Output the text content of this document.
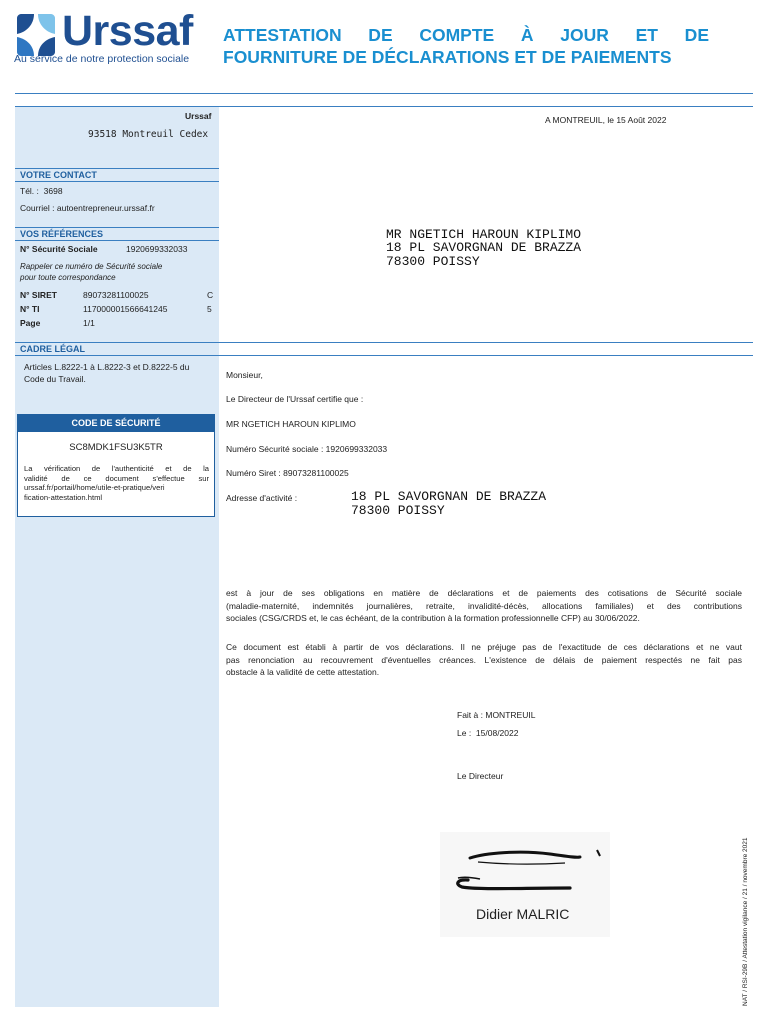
Urssaf
Au service de notre protection sociale
ATTESTATION DE COMPTE À JOUR ET DE
FOURNITURE DE DÉCLARATIONS ET DE PAIEMENTS
Urssaf
93518 Montreuil Cedex
A MONTREUIL, le 15 Août 2022
VOTRE CONTACT
Tél. : 3698
Courriel : autoentrepreneur.urssaf.fr
VOS RÉFÉRENCES
N° Sécurité Sociale	1920699332033
Rappeler ce numéro de Sécurité sociale
pour toute correspondance
N° SIRET	89073281100025	C
N° TI	117000001566641245	5
Page	1/1
MR NGETICH HAROUN KIPLIMO
18 PL SAVORGNAN DE BRAZZA
78300 POISSY
CADRE LÉGAL
Articles L.8222-1 à L.8222-3 et D.8222-5 du
Code du Travail.
CODE DE SÉCURITÉ
SC8MDK1FSU3K5TR
La vérification de l'authenticité et de la
validité de ce document s'effectue sur
urssaf.fr/portail/home/utile-et-pratique/veri
fication-attestation.html
Monsieur,
Le Directeur de l'Urssaf certifie que :
MR NGETICH HAROUN KIPLIMO
Numéro Sécurité sociale : 1920699332033
Numéro Siret : 89073281100025
Adresse d'activité :	18 PL SAVORGNAN DE BRAZZA
78300 POISSY
est à jour de ses obligations en matière de déclarations et de paiements des cotisations de Sécurité sociale
(maladie-maternité, indemnités journalières, retraite, invalidité-décès, allocations familiales) et des contributions
sociales (CSG/CRDS et, le cas échéant, de la contribution à la formation professionnelle CFP) au 30/06/2022.
Ce document est établi à partir de vos déclarations. Il ne préjuge pas de l'exactitude de ces déclarations et ne vaut
pas renonciation au recouvrement d'éventuelles créances. L'existence de délais de paiement respectés ne fait pas
obstacle à la validité de cette attestation.
Fait à : MONTREUIL
Le : 15/08/2022
Le Directeur
Didier MALRIC	NAT / RSI-29B / Attestation vigilance / 21 / novembre 2021
